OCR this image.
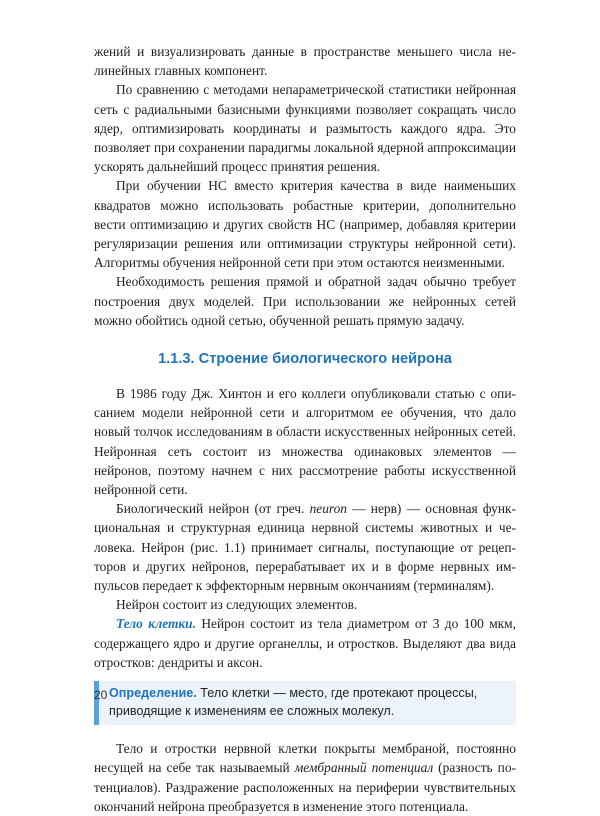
жений и визуализировать данные в пространстве меньшего числа нелинейных главных компонент.

По сравнению с методами непараметрической статистики нейронная сеть с радиальными базисными функциями позволяет сокращать число ядер, оптимизировать координаты и размытость каждого ядра. Это позволяет при сохранении парадигмы локальной ядерной аппроксимации ускорять дальнейший процесс принятия решения.

При обучении НС вместо критерия качества в виде наименьших квадратов можно использовать робастные критерии, дополнительно вести оптимизацию и других свойств НС (например, добавляя критерии регуляризации решения или оптимизации структуры нейронной сети). Алгоритмы обучения нейронной сети при этом остаются неизменными.

Необходимость решения прямой и обратной задач обычно требует построения двух моделей. При использовании же нейронных сетей можно обойтись одной сетью, обученной решать прямую задачу.

1.1.3. Строение биологического нейрона

В 1986 году Дж. Хинтон и его коллеги опубликовали статью с описанием модели нейронной сети и алгоритмом ее обучения, что дало новый толчок исследованиям в области искусственных нейронных сетей. Нейронная сеть состоит из множества одинаковых элементов — нейронов, поэтому начнем с них рассмотрение работы искусственной нейронной сети.

Биологический нейрон (от греч. neuron — нерв) — основная функциональная и структурная единица нервной системы животных и человека. Нейрон (рис. 1.1) принимает сигналы, поступающие от рецепторов и других нейронов, перерабатывает их и в форме нервных импульсов передает к эффекторным нервным окончаниям (терминалям).

Нейрон состоит из следующих элементов.

Тело клетки. Нейрон состоит из тела диаметром от 3 до 100 мкм, содержащего ядро и другие органеллы, и отростков. Выделяют два вида отростков: дендриты и аксон.

Определение. Тело клетки — место, где протекают процессы, приводящие к изменениям ее сложных молекул.

Тело и отростки нервной клетки покрыты мембраной, постоянно несущей на себе так называемый мембранный потенциал (разность потенциалов). Раздражение расположенных на периферии чувствительных окончаний нейрона преобразуется в изменение этого потенциала.

20
